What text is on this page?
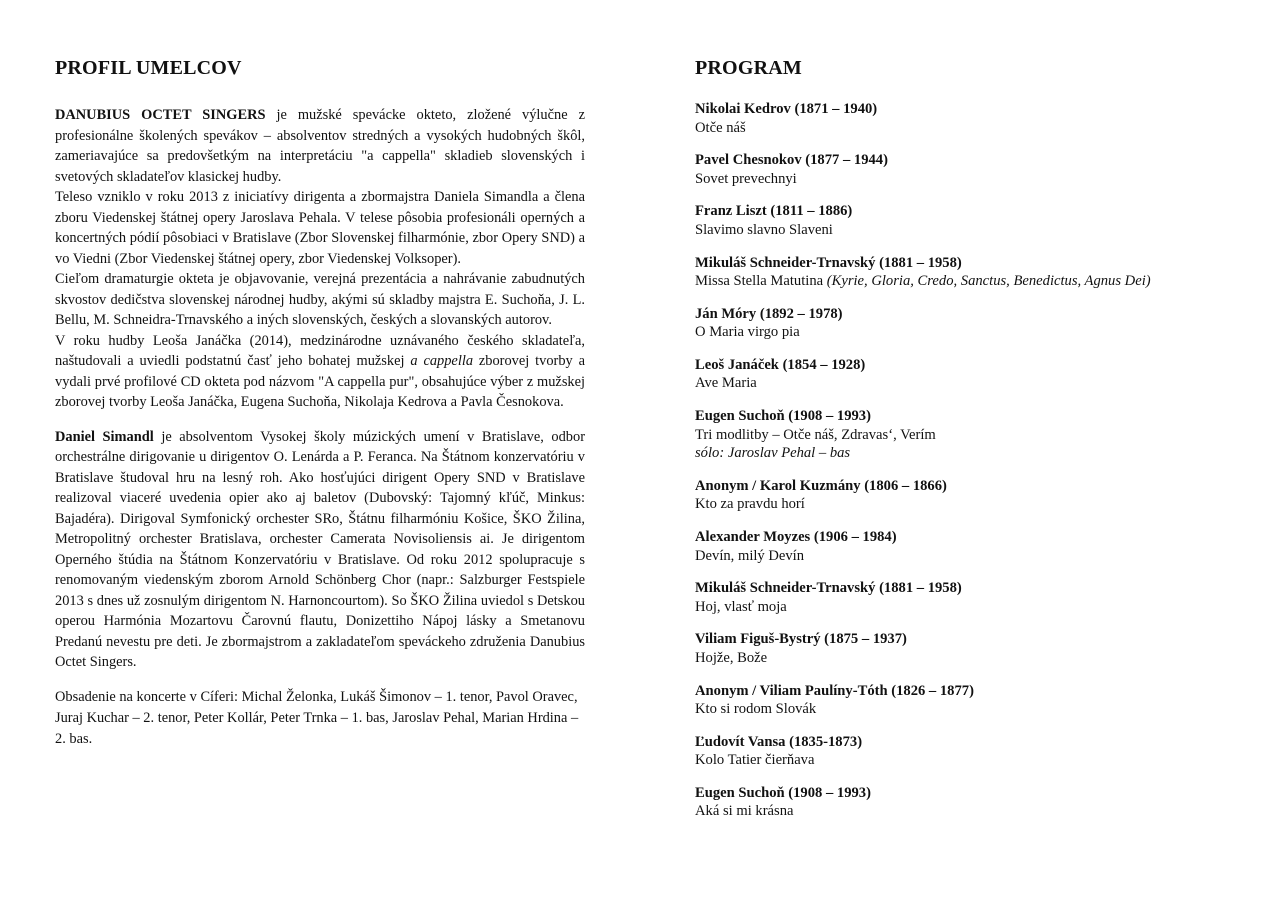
PROFIL UMELCOV

DANUBIUS OCTET SINGERS je mužské spevácke okteto, zložené výlučne z profesionálne školených spevákov – absolventov stredných a vysokých hudobných škôl, zameriavajúce sa predovšetkým na interpretáciu "a cappella" skladieb slovenských i svetových skladateľov klasickej hudby.

Teleso vzniklo v roku 2013 z iniciatívy dirigenta a zbormajstra Daniela Simandla a člena zboru Viedenskej štátnej opery Jaroslava Pehala. V telese pôsobia profesionáli operných a koncertných pódií pôsobiaci v Bratislave (Zbor Slovenskej filharmónie, zbor Opery SND) a vo Viedni (Zbor Viedenskej štátnej opery, zbor Viedenskej Volksoper).

Cieľom dramaturgie okteta je objavovanie, verejná prezentácia a nahrávanie zabudnutých skvostov dedičstva slovenskej národnej hudby, akými sú skladby majstra E. Suchoňa, J. L. Bellu, M. Schneidra-Trnavského a iných slovenských, českých a slovanských autorov.

V roku hudby Leoša Janáčka (2014), medzinárodne uznávaného českého skladateľa, naštudovali a uviedli podstatnú časť jeho bohatej mužskej a cappella zborovej tvorby a vydali prvé profilové CD okteta pod názvom "A cappella pur", obsahujúce výber z mužskej zborovej tvorby Leoša Janáčka, Eugena Suchoňa, Nikolaja Kedrova a Pavla Česnokova.

Daniel Simandl je absolventom Vysokej školy múzických umení v Bratislave, odbor orchestrálne dirigovanie u dirigentov O. Lenárda a P. Feranca. Na Štátnom konzervatóriu v Bratislave študoval hru na lesný roh. Ako hosťujúci dirigent Opery SND v Bratislave realizoval viaceré uvedenia opier ako aj baletov (Dubovský: Tajomný kľúč, Minkus: Bajadéra). Dirigoval Symfonický orchester SRo, Štátnu filharmóniu Košice, ŠKO Žilina, Metropolitný orchester Bratislava, orchester Camerata Novisoliensis ai. Je dirigentom Operného štúdia na Štátnom Konzervatóriu v Bratislave. Od roku 2012 spolupracuje s renomovaným viedenským zborom Arnold Schönberg Chor (napr.: Salzburger Festspiele 2013 s dnes už zosnulým dirigentom N. Harnoncourtom). So ŠKO Žilina uviedol s Detskou operou Harmónia Mozartovu Čarovnú flautu, Donizettiho Nápoj lásky a Smetanovu Predanú nevestu pre deti. Je zbormajstrom a zakladateľom speváckeho združenia Danubius Octet Singers.

Obsadenie na koncerte v Cíferi: Michal Želonka, Lukáš Šimonov – 1. tenor, Pavol Oravec, Juraj Kuchar – 2. tenor, Peter Kollár, Peter Trnka – 1. bas, Jaroslav Pehal, Marian Hrdina – 2. bas.

PROGRAM
Nikolai Kedrov (1871 – 1940)
Otče náš
Pavel Chesnokov (1877 – 1944)
Sovet prevechnyi
Franz Liszt (1811 – 1886)
Slavimo slavno Slaveni
Mikuláš Schneider-Trnavský (1881 – 1958)
Missa Stella Matutina (Kyrie, Gloria, Credo, Sanctus, Benedictus, Agnus Dei)
Ján Móry (1892 – 1978)
O Maria virgo pia
Leoš Janáček (1854 – 1928)
Ave Maria
Eugen Suchoň (1908 – 1993)
Tri modlitby – Otče náš, Zdravas‘, Verím
sólo: Jaroslav Pehal – bas
Anonym / Karol Kuzmány (1806 – 1866)
Kto za pravdu horí
Alexander Moyzes (1906 – 1984)
Devín, milý Devín
Mikuláš Schneider-Trnavský (1881 – 1958)
Hoj, vlasť moja
Viliam Figuš-Bystrý (1875 – 1937)
Hojže, Bože
Anonym / Viliam Paulíny-Tóth (1826 – 1877)
Kto si rodom Slovák
Ľudovít Vansa (1835-1873)
Kolo Tatier čierňava
Eugen Suchoň (1908 – 1993)
Aká si mi krásna
